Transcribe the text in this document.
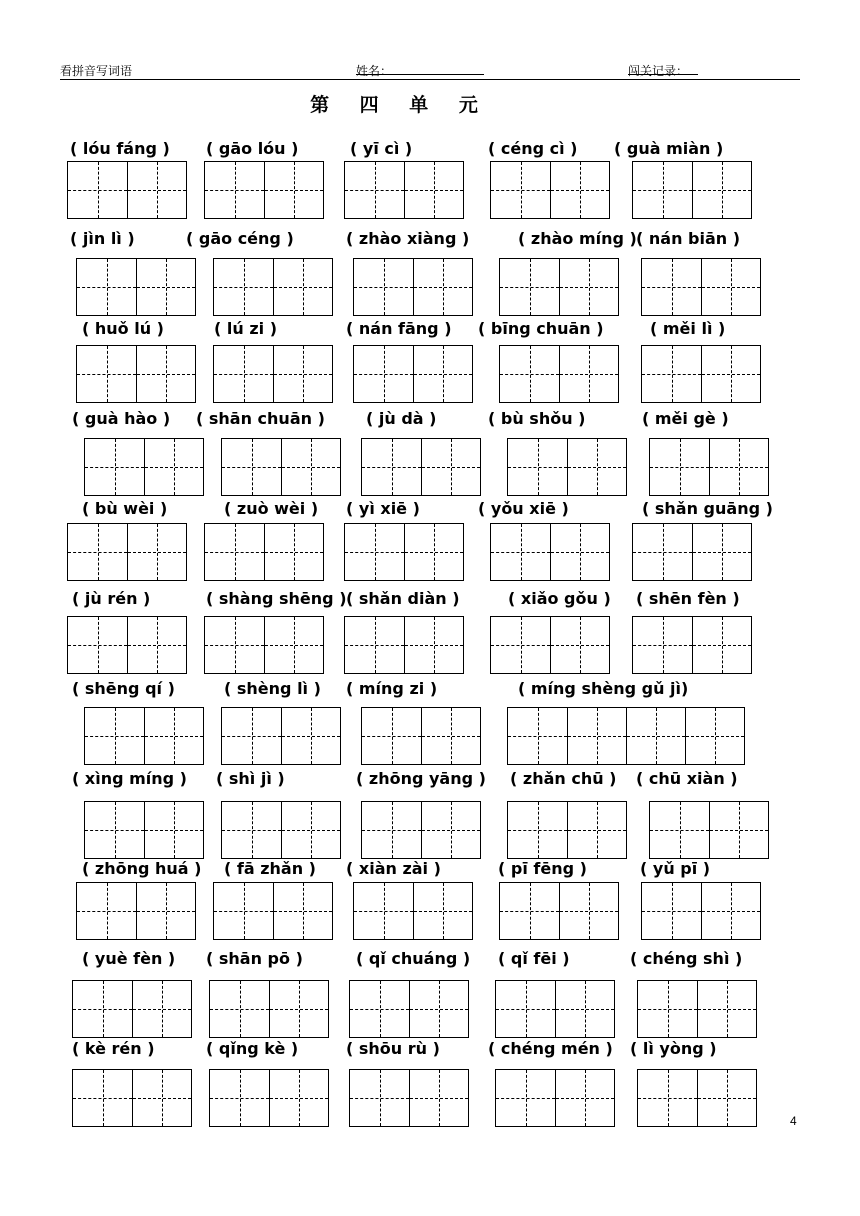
看拼音写词语	姓名：	闯关记录：
第 四 单 元
( lóu fáng ) ( gāo lóu )	( yī cì )	( céng cì ) ( guà miàn )
( jìn lì )	( gāo céng )	( zhào xiàng )	( zhào míng ) ( nán biān )
( huǒ lú )	( lú zi )	( nán fāng ) ( bīng chuān )	( měi lì )
( guà hào ) ( shān chuān )	( jù dà )	( bù shǒu )	( měi gè )
( bù wèi )	( zuò wèi ) ( yì xiē )	( yǒu xiē )	( shǎn guāng )
( jù rén )	( shàng shēng ) ( shǎn diàn )	( xiǎo gǒu ) ( shēn fèn )
( shēng qí )	( shèng lì ) ( míng zi )	( míng shèng gǔ jì)
( xìng míng ) ( shì jì )	( zhōng yāng ) ( zhǎn chū ) ( chū xiàn )
( zhōng huá ) ( fā zhǎn ) ( xiàn zài )	( pī fēng )	( yǔ pī )
( yuè fèn ) ( shān pō )	( qǐ chuáng ) ( qǐ fēi )	( chéng shì )
( kè rén )	( qǐng kè )	( shōu rù )	( chéng mén ) ( lì yòng )
4
